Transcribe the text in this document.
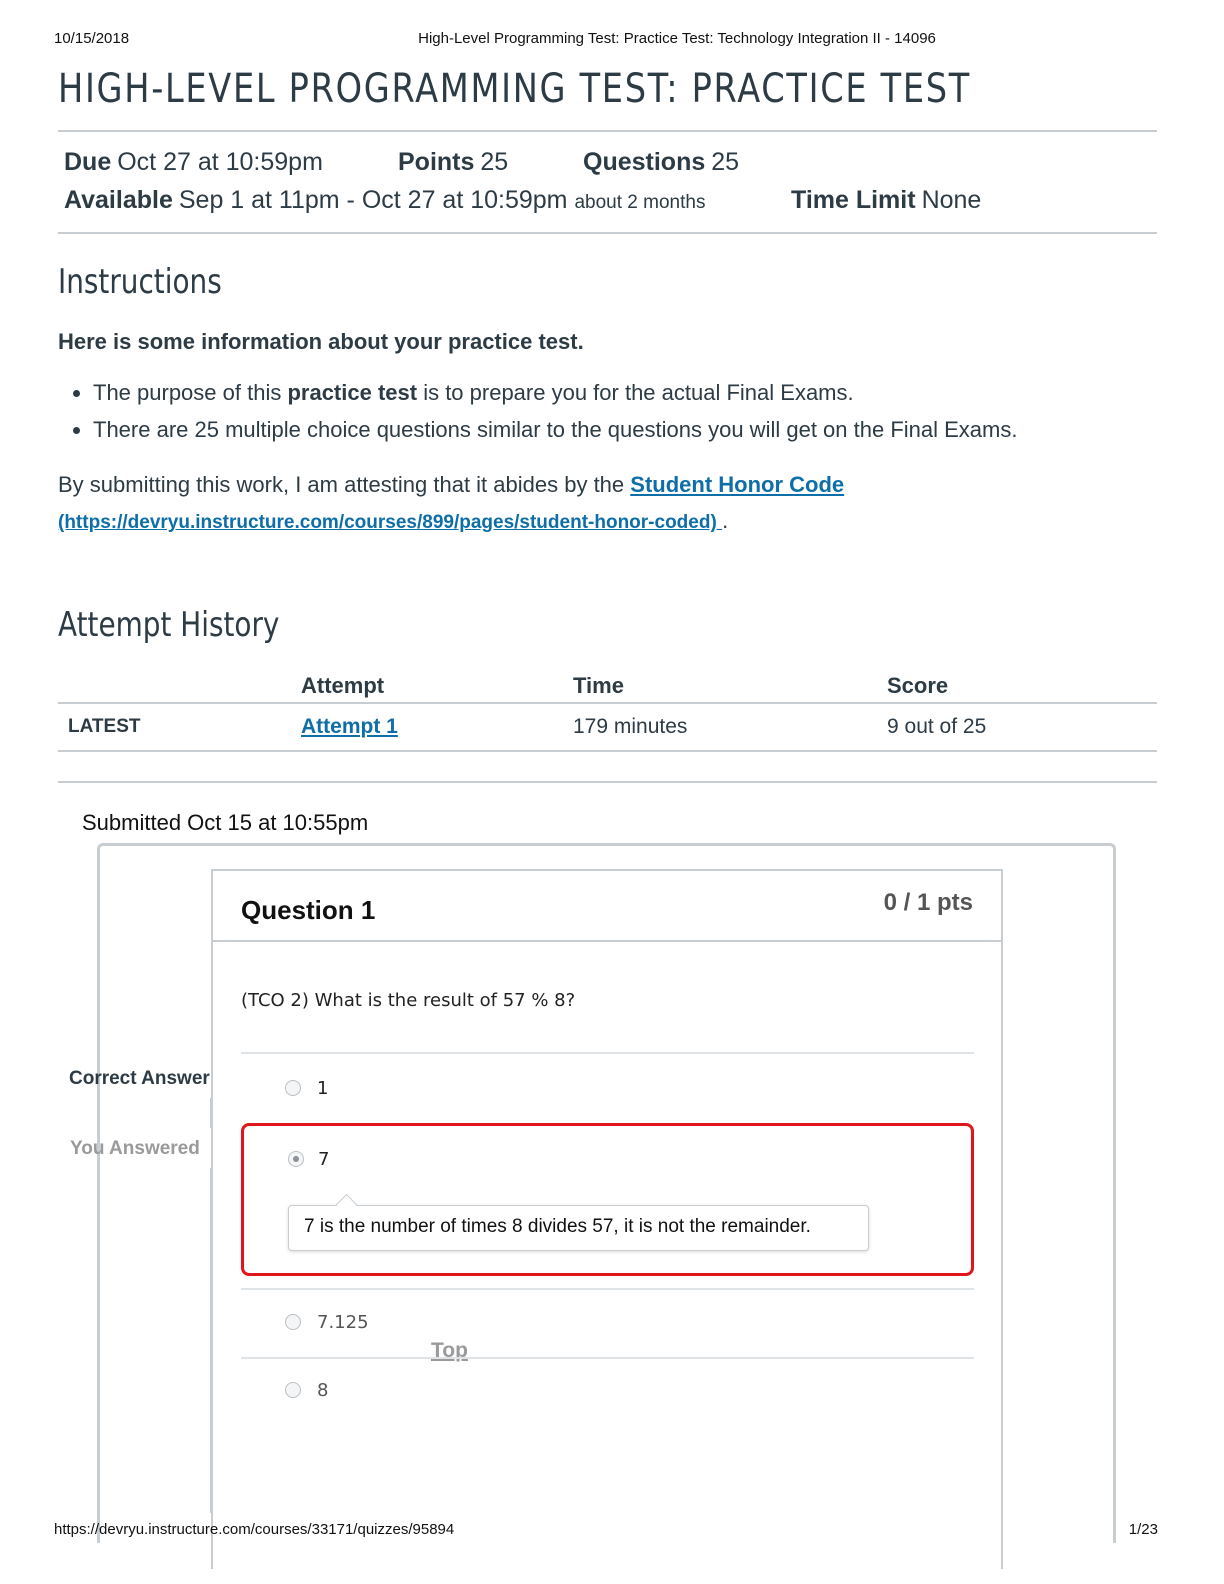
10/15/2018	High-Level Programming Test: Practice Test: Technology Integration II - 14096
HIGH-LEVEL PROGRAMMING TEST: PRACTICE TEST
Due Oct 27 at 10:59pm	Points 25	Questions 25
Available Sep 1 at 11pm - Oct 27 at 10:59pm about 2 months	Time Limit None
Instructions
Here is some information about your practice test.
• The purpose of this practice test is to prepare you for the actual Final Exams.
• There are 25 multiple choice questions similar to the questions you will get on the Final Exams.
By submitting this work, I am attesting that it abides by the Student Honor Code
(https://devryu.instructure.com/courses/899/pages/student-honor-coded) .
Attempt History
	Attempt	Time	Score
LATEST	Attempt 1	179 minutes	9 out of 25
Submitted Oct 15 at 10:55pm
Correct Answer
You Answered
Question 1	0 / 1 pts
(TCO 2) What is the result of 57 % 8?
1
7
7 is the number of times 8 divides 57, it is not the remainder.
7.125
Top
8
https://devryu.instructure.com/courses/33171/quizzes/95894	1/23
